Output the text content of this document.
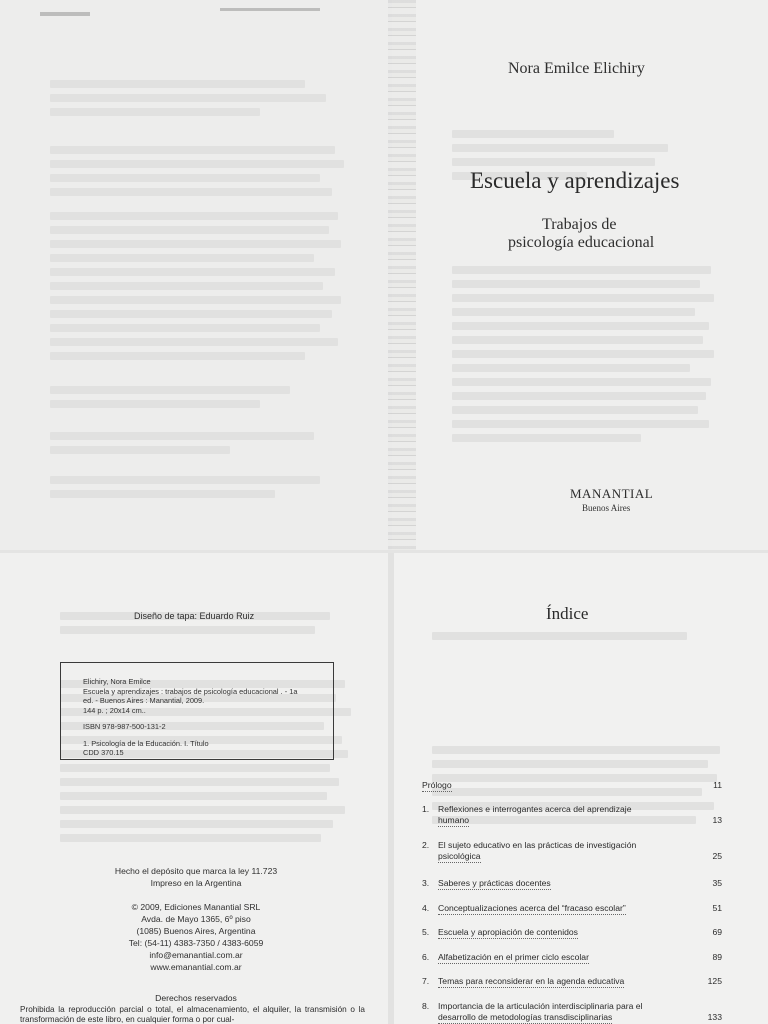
Nora Emilce Elichiry
Escuela y aprendizajes
Trabajos de
psicología educacional
MANANTIAL
Buenos Aires
Diseño de tapa: Eduardo Ruiz
Elichiry, Nora Emilce
Escuela y aprendizajes : trabajos de psicología educacional . - 1a
ed. - Buenos Aires : Manantial, 2009.
144 p. ; 20x14 cm..
ISBN 978-987-500-131-2
1. Psicología de la Educación. I. Título
CDD 370.15
Hecho el depósito que marca la ley 11.723
Impreso en la Argentina
© 2009, Ediciones Manantial SRL
Avda. de Mayo 1365, 6º piso
(1085) Buenos Aires, Argentina
Tel: (54-11) 4383-7350 / 4383-6059
info@emanantial.com.ar
www.emanantial.com.ar
Derechos reservados
Prohibida la reproducción parcial o total, el almacenamiento, el alquiler, la transmisión o la transformación de este libro, en cualquier forma o por cual-
Índice
Prólogo	11
1. Reflexiones e interrogantes acerca del aprendizaje
humano	13
2. El sujeto educativo en las prácticas de investigación
psicológica	25
3. Saberes y prácticas docentes	35
4. Conceptualizaciones acerca del “fracaso escolar”	51
5. Escuela y apropiación de contenidos	69
6. Alfabetización en el primer ciclo escolar	89
7. Temas para reconsiderar en la agenda educativa	125
8. Importancia de la articulación interdisciplinaria para el
desarrollo de metodologías transdisciplinarias	133
